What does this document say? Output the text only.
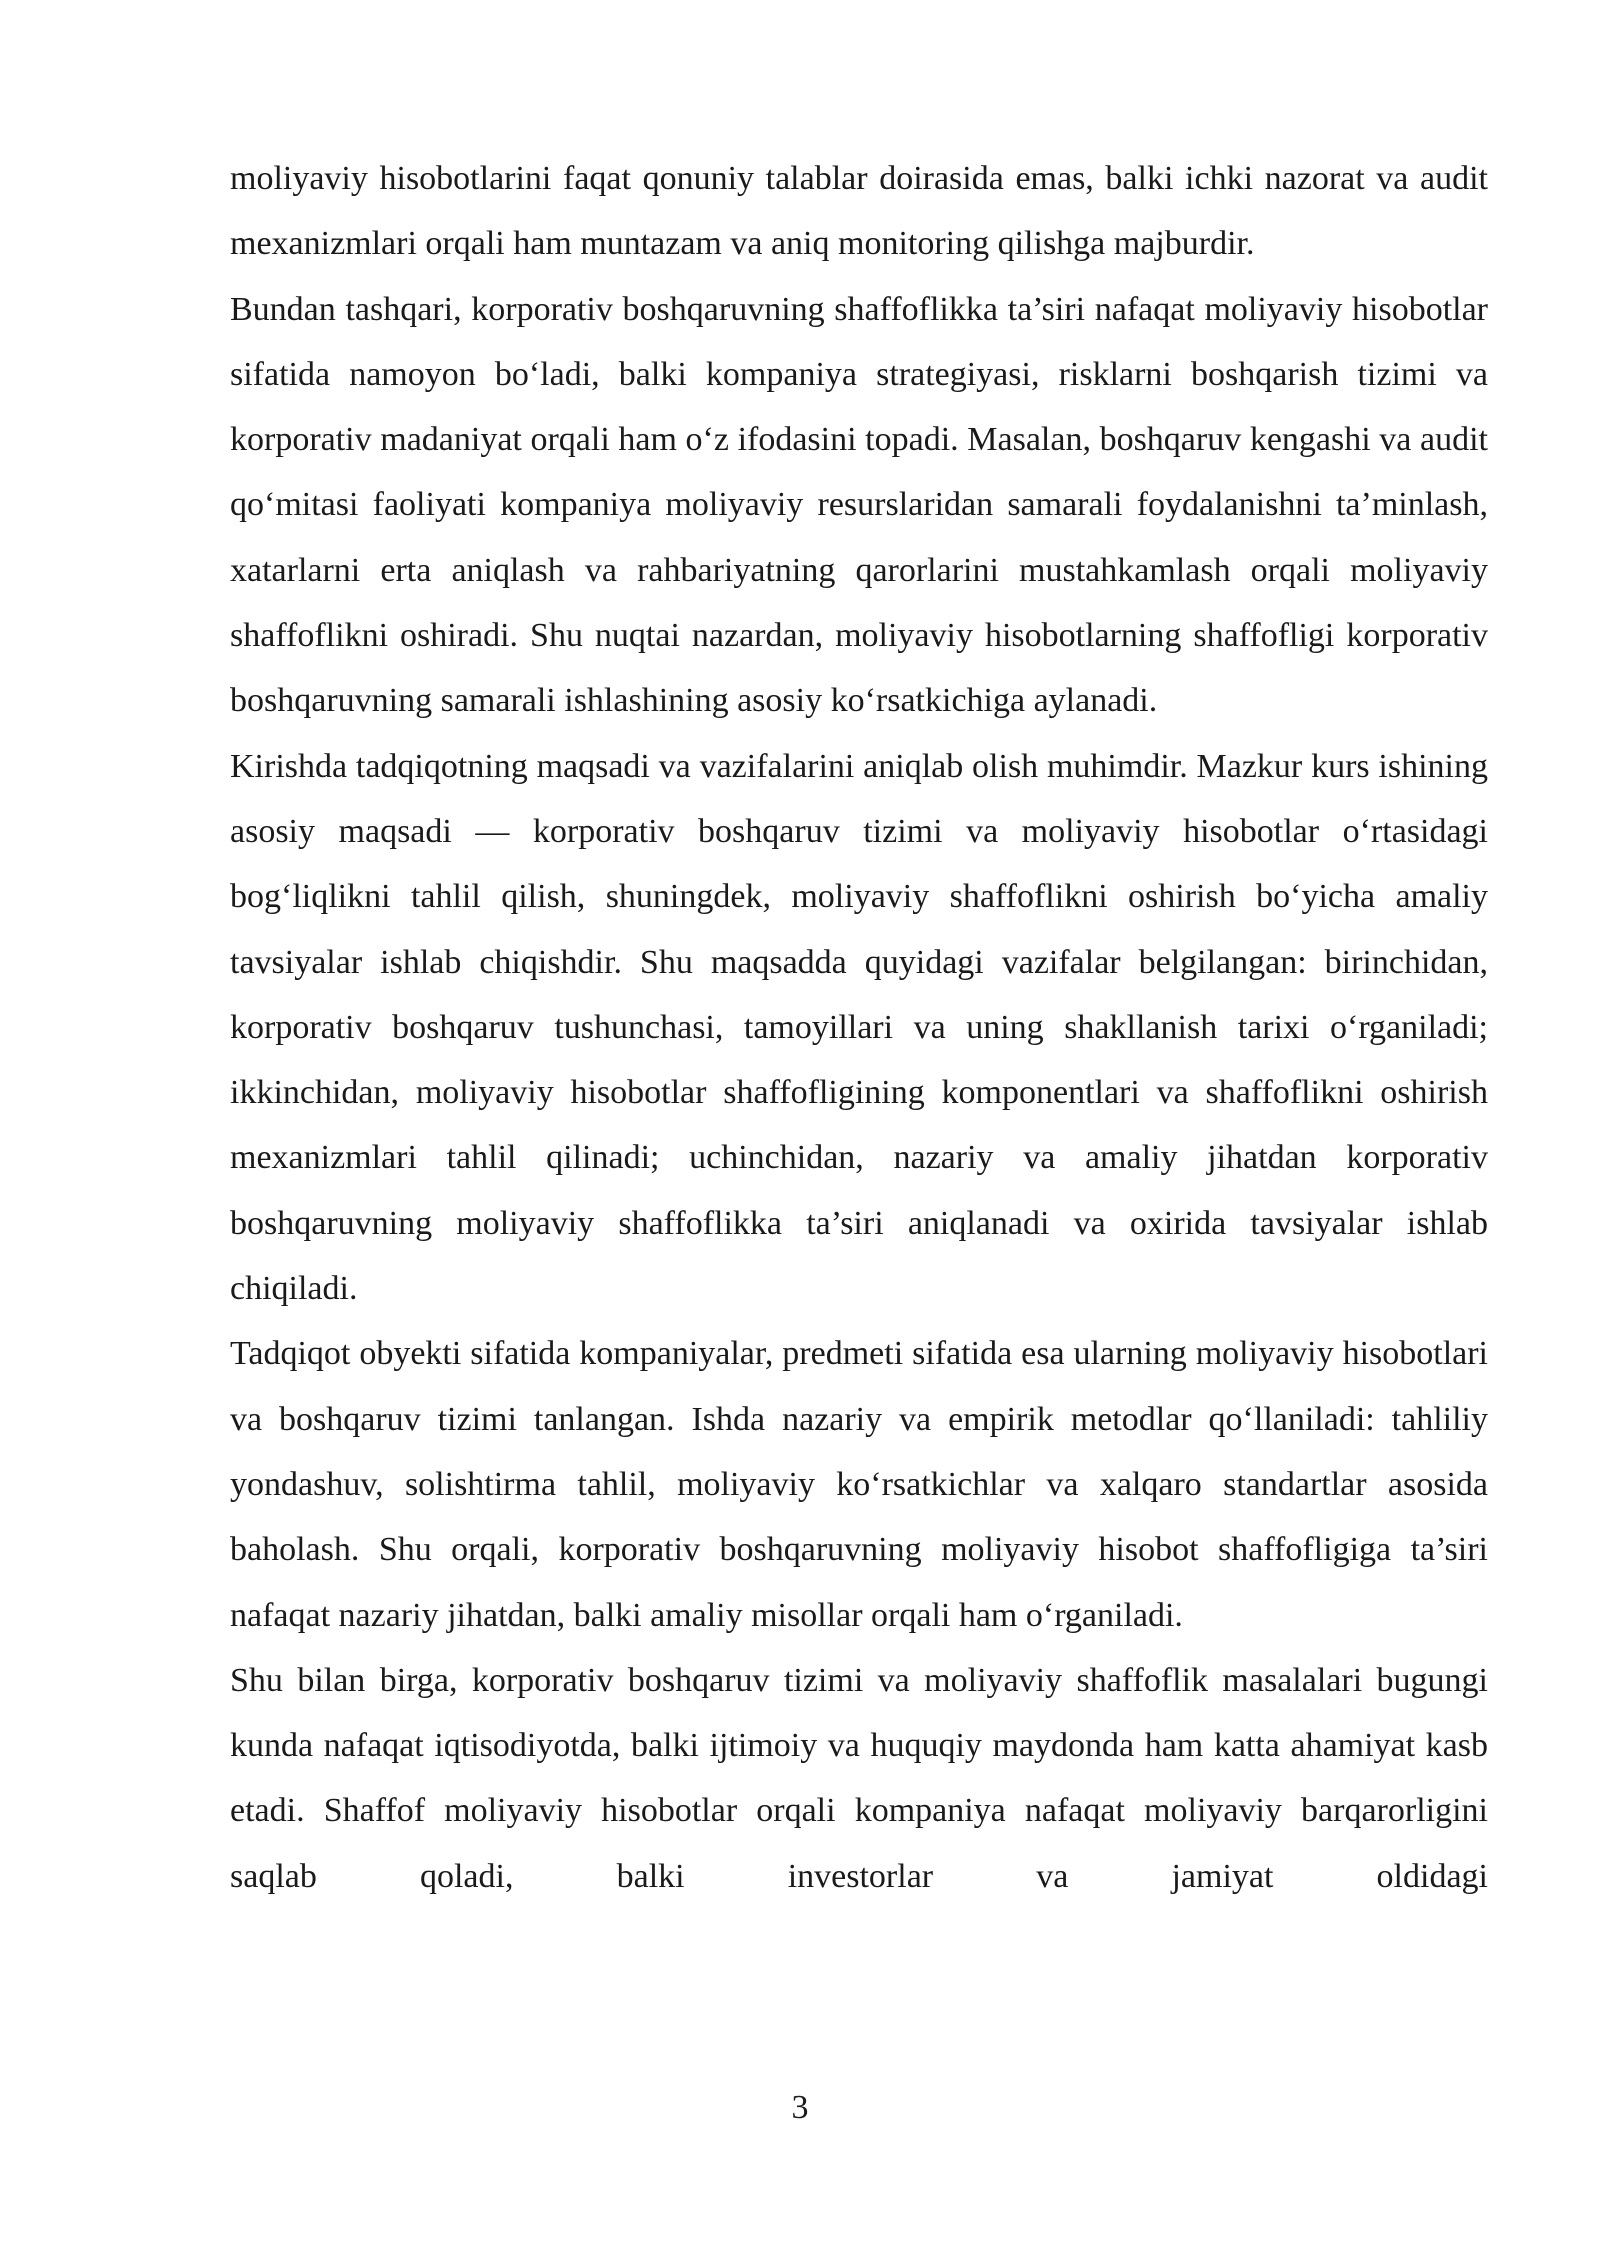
moliyaviy hisobotlarini faqat qonuniy talablar doirasida emas, balki ichki nazorat va audit mexanizmlari orqali ham muntazam va aniq monitoring qilishga majburdir.

Bundan tashqari, korporativ boshqaruvning shaffoflikka ta’siri nafaqat moliyaviy hisobotlar sifatida namoyon bo‘ladi, balki kompaniya strategiyasi, risklarni boshqarish tizimi va korporativ madaniyat orqali ham o‘z ifodasini topadi. Masalan, boshqaruv kengashi va audit qo‘mitasi faoliyati kompaniya moliyaviy resurslaridan samarali foydalanishni ta’minlash, xatarlarni erta aniqlash va rahbariyatning qarorlarini mustahkamlash orqali moliyaviy shaffoflikni oshiradi. Shu nuqtai nazardan, moliyaviy hisobotlarning shaffofligi korporativ boshqaruvning samarali ishlashining asosiy ko‘rsatkichiga aylanadi.

Kirishda tadqiqotning maqsadi va vazifalarini aniqlab olish muhimdir. Mazkur kurs ishining asosiy maqsadi — korporativ boshqaruv tizimi va moliyaviy hisobotlar o‘rtasidagi bog‘liqlikni tahlil qilish, shuningdek, moliyaviy shaffoflikni oshirish bo‘yicha amaliy tavsiyalar ishlab chiqishdir. Shu maqsadda quyidagi vazifalar belgilangan: birinchidan, korporativ boshqaruv tushunchasi, tamoyillari va uning shakllanish tarixi o‘rganiladi; ikkinchidan, moliyaviy hisobotlar shaffofligining komponentlari va shaffoflikni oshirish mexanizmlari tahlil qilinadi; uchinchidan, nazariy va amaliy jihatdan korporativ boshqaruvning moliyaviy shaffoflikka ta’siri aniqlanadi va oxirida tavsiyalar ishlab chiqiladi.

Tadqiqot obyekti sifatida kompaniyalar, predmeti sifatida esa ularning moliyaviy hisobotlari va boshqaruv tizimi tanlangan. Ishda nazariy va empirik metodlar qo‘llaniladi: tahliliy yondashuv, solishtirma tahlil, moliyaviy ko‘rsatkichlar va xalqaro standartlar asosida baholash. Shu orqali, korporativ boshqaruvning moliyaviy hisobot shaffofligiga ta’siri nafaqat nazariy jihatdan, balki amaliy misollar orqali ham o‘rganiladi.

Shu bilan birga, korporativ boshqaruv tizimi va moliyaviy shaffoflik masalalari bugungi kunda nafaqat iqtisodiyotda, balki ijtimoiy va huquqiy maydonda ham katta ahamiyat kasb etadi. Shaffof moliyaviy hisobotlar orqali kompaniya nafaqat moliyaviy barqarorligini saqlab qoladi, balki investorlar va jamiyat oldidagi

3
